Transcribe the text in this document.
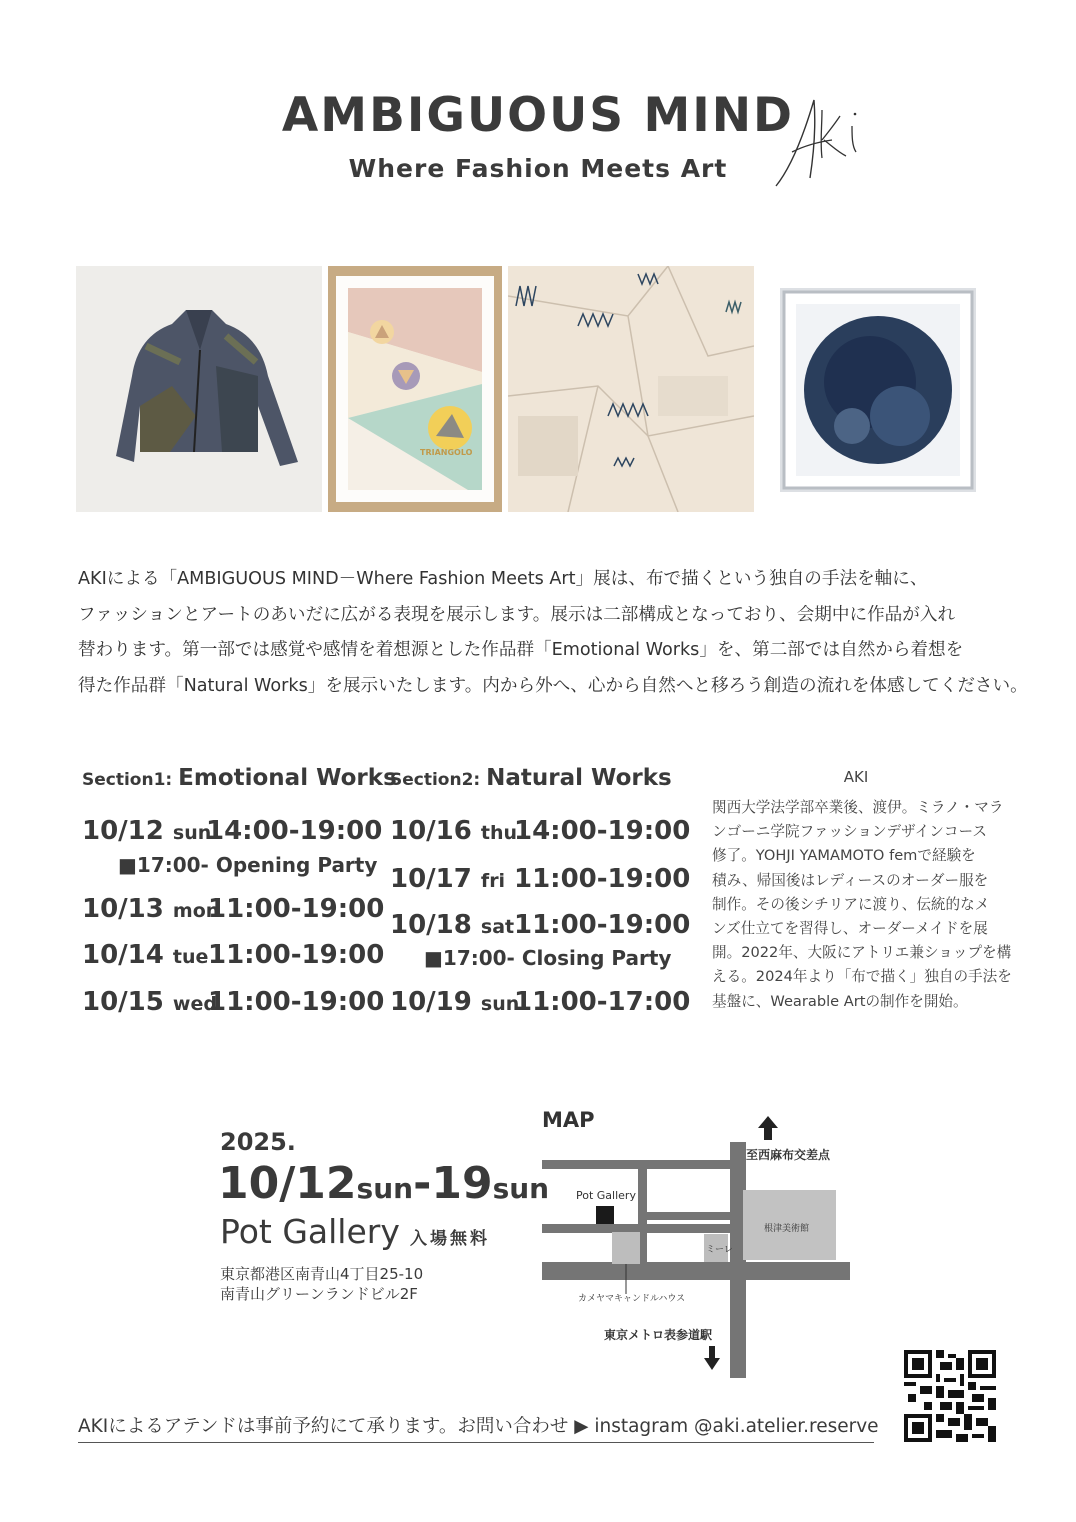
AMBIGUOUS MIND
Where Fashion Meets Art
TRIANGOLO
AKIによる「AMBIGUOUS MIND－Where Fashion Meets Art」展は、布で描くという独自の手法を軸に、
ファッションとアートのあいだに広がる表現を展示します。展示は二部構成となっており、会期中に作品が入れ
替わります。第一部では感覚や感情を着想源とした作品群「Emotional Works」を、第二部では自然から着想を
得た作品群「Natural Works」を展示いたします。内から外へ、心から自然へと移ろう創造の流れを体感してください。
Section1: Emotional Works
10/12 sun
14:00-19:00
■17:00- Opening Party
10/13 mon
11:00-19:00
10/14 tue 11:00-19:00
10/15 wed
11:00-19:00
Section2: Natural Works
10/16 thu
14:00-19:00
10/17 fri 11:00-19:00
10/18 sat 11:00-19:00
■17:00- Closing Party
10/19 sun
11:00-17:00
AKI
関西大学法学部卒業後、渡伊。ミラノ・マラ
ンゴーニ学院ファッションデザインコース
修了。YOHJI YAMAMOTO femで経験を
積み、帰国後はレディースのオーダー服を
制作。その後シチリアに渡り、伝統的なメ
ンズ仕立てを習得し、オーダーメイドを展
開。2022年、大阪にアトリエ兼ショップを構
える。2024年より「布で描く」独自の手法を
基盤に、Wearable Artの制作を開始。
2025.
10/12sun-19sun
Pot Gallery 入場無料
東京都港区南青山4丁目25-10
南青山グリーンランドビル2F
MAP
至西麻布交差点
Pot Gallery
根津美術館
ミーレ
カメヤマキャンドルハウス
東京メトロ表参道駅
AKIによるアテンドは事前予約にて承ります。お問い合わせ ▶ instagram @aki.atelier.reserve
